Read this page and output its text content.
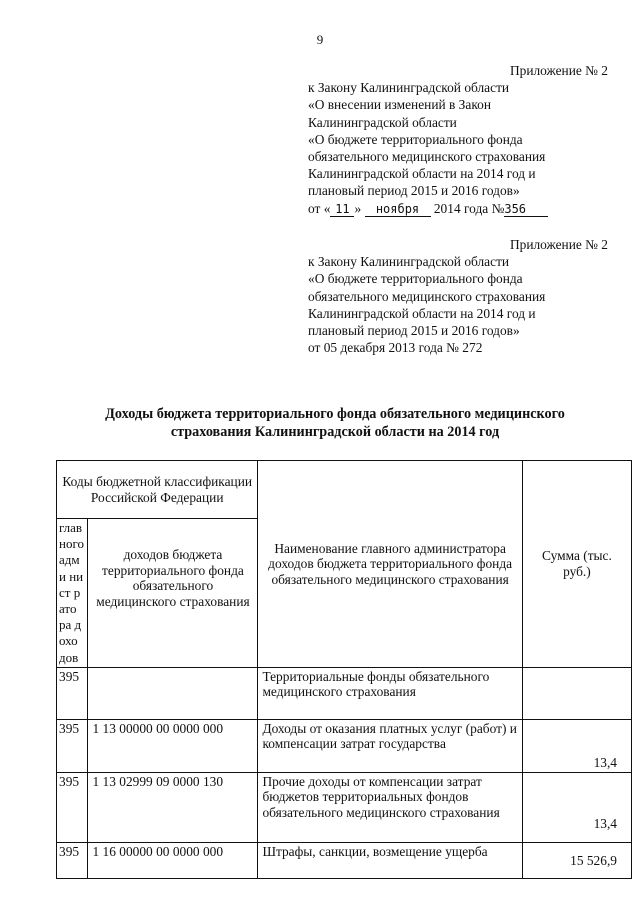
9
Приложение № 2
к Закону Калининградской области
«О внесении изменений в Закон
Калининградской области
«О бюджете территориального фонда
обязательного медицинского страхования
Калининградской области на 2014 год и
плановый период 2015 и 2016 годов»
от « 11 » ноября 2014 года №356
Приложение № 2
к Закону Калининградской области
«О бюджете территориального фонда
обязательного медицинского страхования
Калининградской области на 2014 год и
плановый период 2015 и 2016 годов»
от 05 декабря 2013 года № 272
Доходы бюджета территориального фонда обязательного медицинского
страхования Калининградской области на 2014 год
Коды бюджетной классификации Российской Федерации		Наименование главного администратора доходов бюджета территориального фонда обязательного медицинского страхования	Сумма (тыс. руб.)
глав ного адми нист рато ра дохо дов	доходов бюджета территориального фонда обязательного медицинского страхования		
395		Территориальные фонды обязательного медицинского страхования	
395	1 13 00000 00 0000 000	Доходы от оказания платных услуг (работ) и компенсации затрат государства	13,4
395	1 13 02999 09 0000 130	Прочие доходы от компенсации затрат бюджетов территориальных фондов обязательного медицинского страхования	13,4
395	1 16 00000 00 0000 000	Штрафы, санкции, возмещение ущерба	15 526,9
